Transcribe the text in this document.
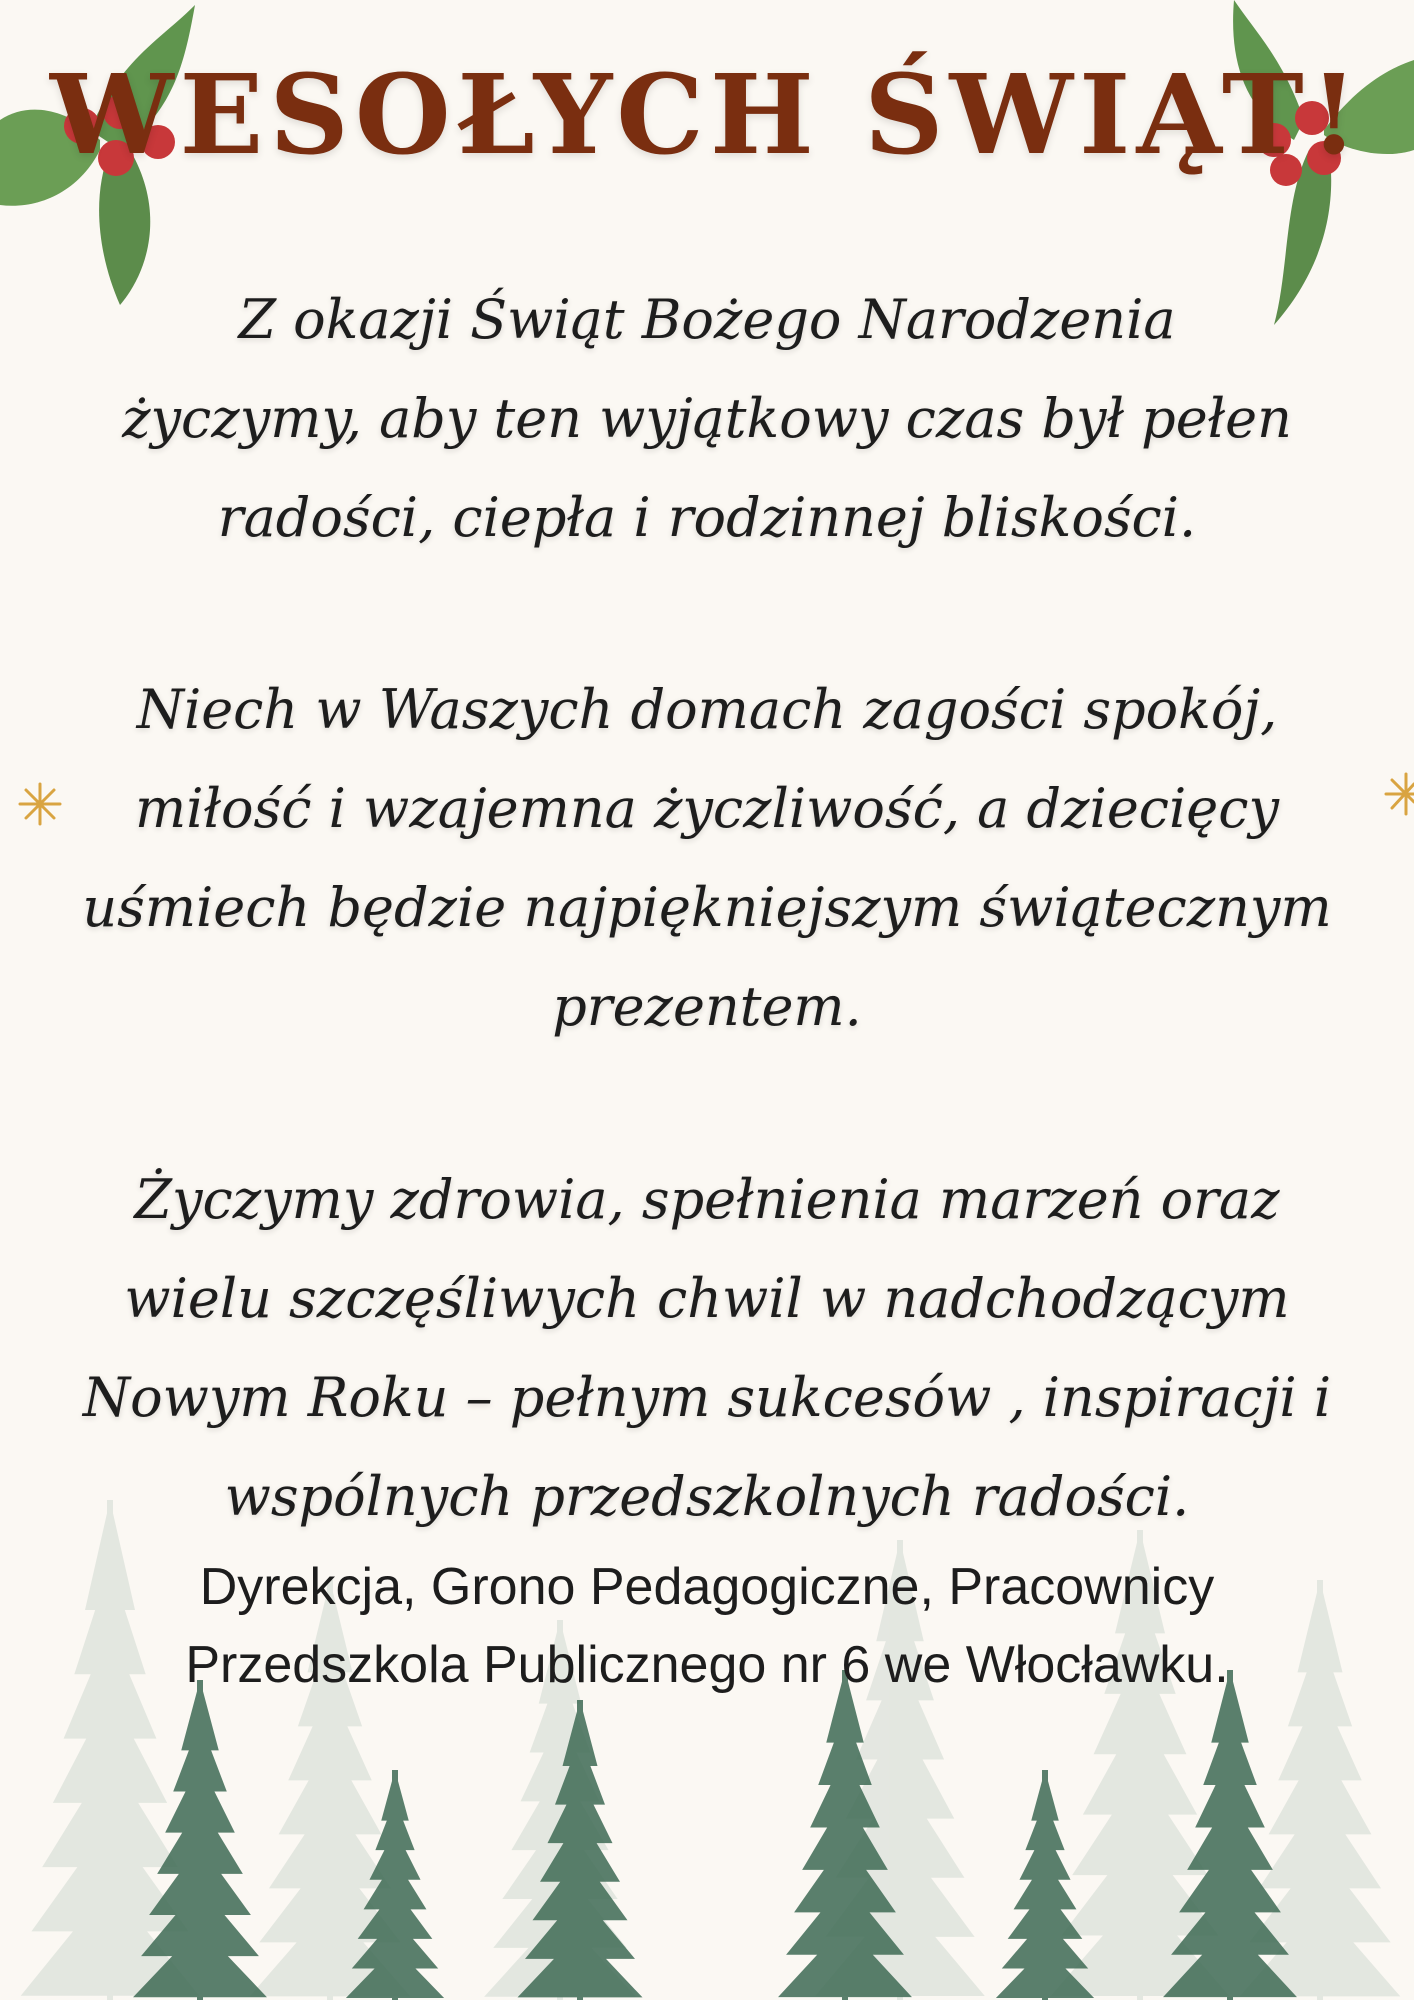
WESOŁYCH ŚWIĄT!

Z okazji Świąt Bożego Narodzenia
życzymy, aby ten wyjątkowy czas był pełen
radości, ciepła i rodzinnej bliskości.

Niech w Waszych domach zagości spokój,
miłość i wzajemna życzliwość, a dziecięcy
uśmiech będzie najpiękniejszym świątecznym
prezentem.

Życzymy zdrowia, spełnienia marzeń oraz
wielu szczęśliwych chwil w nadchodzącym
Nowym Roku – pełnym sukcesów , inspiracji i
wspólnych przedszkolnych radości.

Dyrekcja, Grono Pedagogiczne, Pracownicy
Przedszkola Publicznego nr 6 we Włocławku.
